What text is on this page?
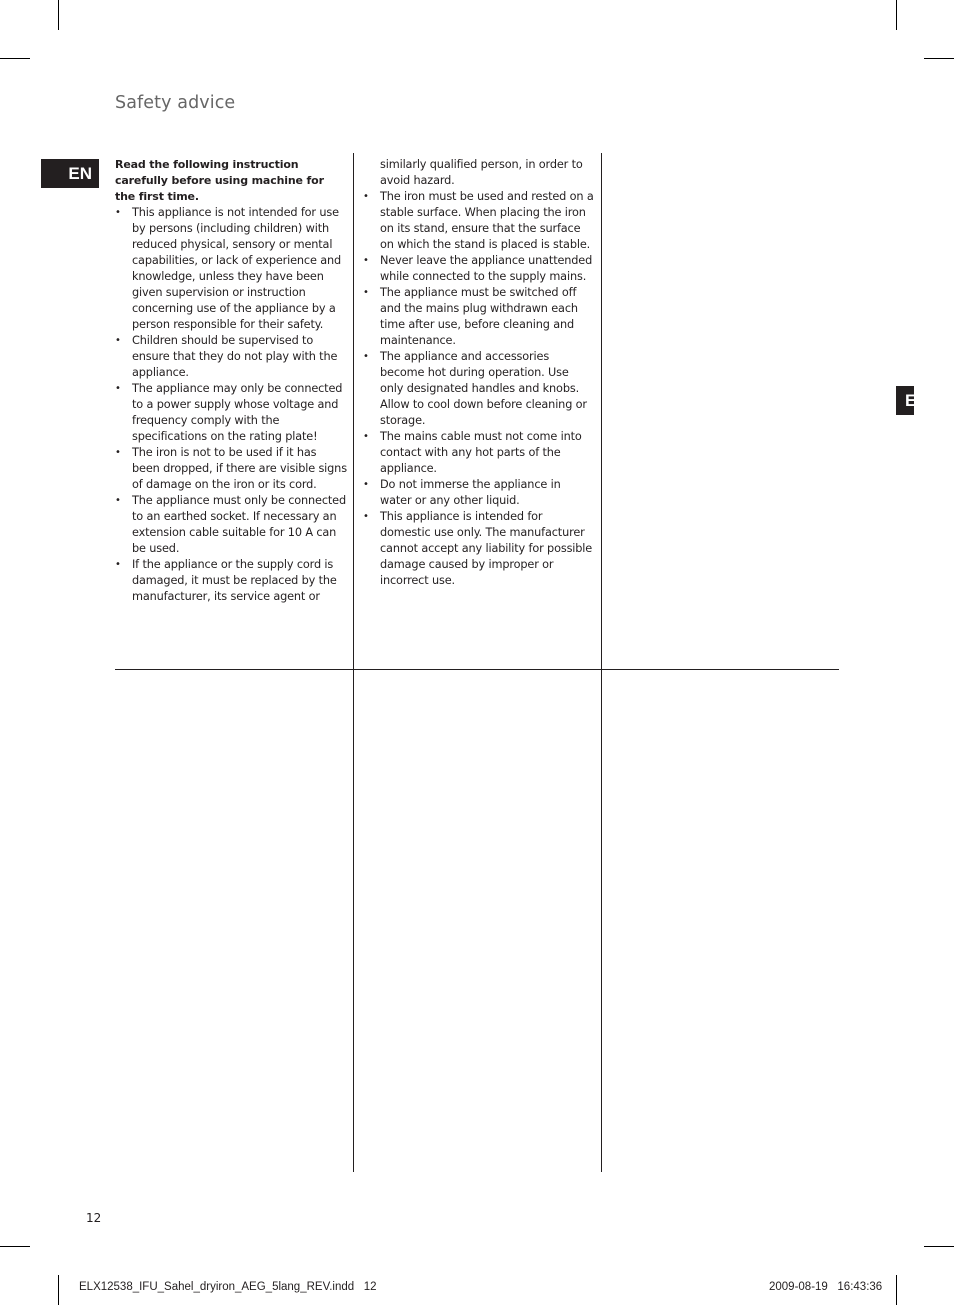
Safety advice
EN
E

Read the following instruction carefully before using machine for the first time.

• This appliance is not intended for use by persons (including children) with reduced physical, sensory or mental capabilities, or lack of experience and knowledge, unless they have been given supervision or instruction concerning use of the appliance by a person responsible for their safety.
• Children should be supervised to ensure that they do not play with the appliance.
• The appliance may only be connected to a power supply whose voltage and frequency comply with the specifications on the rating plate!
• The iron is not to be used if it has been dropped, if there are visible signs of damage on the iron or its cord.
• The appliance must only be connected to an earthed socket. If necessary an extension cable suitable for 10 A can be used.
• If the appliance or the supply cord is damaged, it must be replaced by the manufacturer, its service agent or

similarly qualified person, in order to avoid hazard.

• The iron must be used and rested on a stable surface. When placing the iron on its stand, ensure that the surface on which the stand is placed is stable.
• Never leave the appliance unattended while connected to the supply mains.
• The appliance must be switched off and the mains plug withdrawn each time after use, before cleaning and maintenance.
• The appliance and accessories become hot during operation. Use only designated handles and knobs. Allow to cool down before cleaning or storage.
• The mains cable must not come into contact with any hot parts of the appliance.
• Do not immerse the appliance in water or any other liquid.
• This appliance is intended for domestic use only. The manufacturer cannot accept any liability for possible damage caused by improper or incorrect use.
12
ELX12538_IFU_Sahel_dryiron_AEG_5lang_REV.indd   12	2009-08-19   16:43:36
